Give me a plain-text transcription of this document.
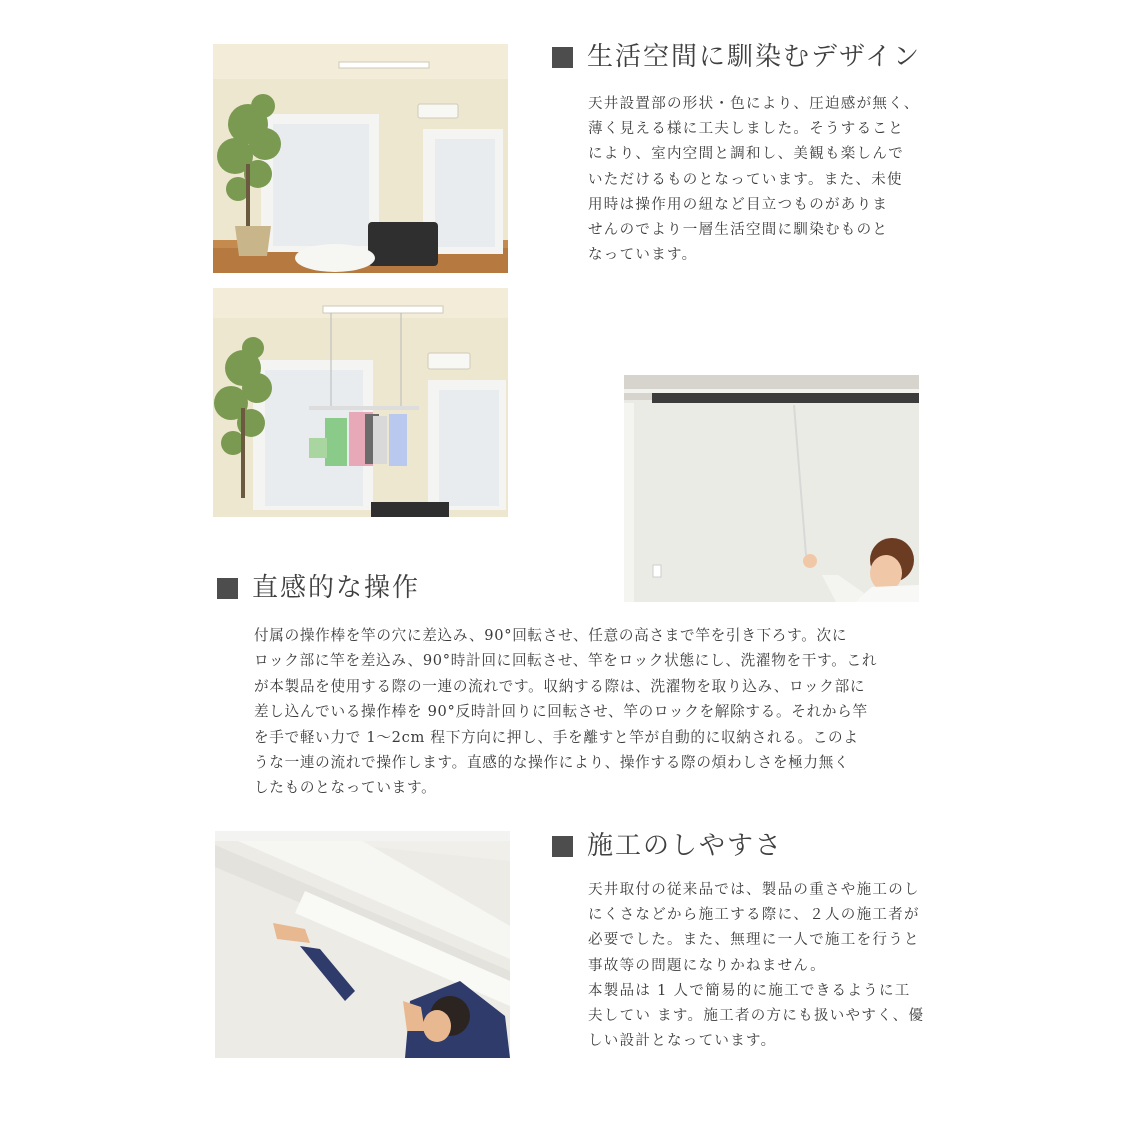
生活空間に馴染むデザイン

天井設置部の形状・色により、圧迫感が無く、

薄く見える様に工夫しました。そうすること

により、室内空間と調和し、美観も楽しんで

いただけるものとなっています。また、未使

用時は操作用の紐など目立つものがありま

せんのでより一層生活空間に馴染むものと

なっています。

直感的な操作

付属の操作棒を竿の穴に差込み、90°回転させ、任意の高さまで竿を引き下ろす。次に

ロック部に竿を差込み、90°時計回に回転させ、竿をロック状態にし、洗濯物を干す。これ

が本製品を使用する際の一連の流れです。収納する際は、洗濯物を取り込み、ロック部に

差し込んでいる操作棒を 90°反時計回りに回転させ、竿のロックを解除する。それから竿

を手で軽い力で 1〜2cm 程下方向に押し、手を離すと竿が自動的に収納される。このよ

うな一連の流れで操作します。直感的な操作により、操作する際の煩わしさを極力無く

したものとなっています。

施工のしやすさ

天井取付の従来品では、製品の重さや施工のし

にくさなどから施工する際に、２人の施工者が

必要でした。また、無理に一人で施工を行うと

事故等の問題になりかねません。

本製品は 1 人で簡易的に施工できるように工

夫してい ます。施工者の方にも扱いやすく、優

しい設計となっています。
